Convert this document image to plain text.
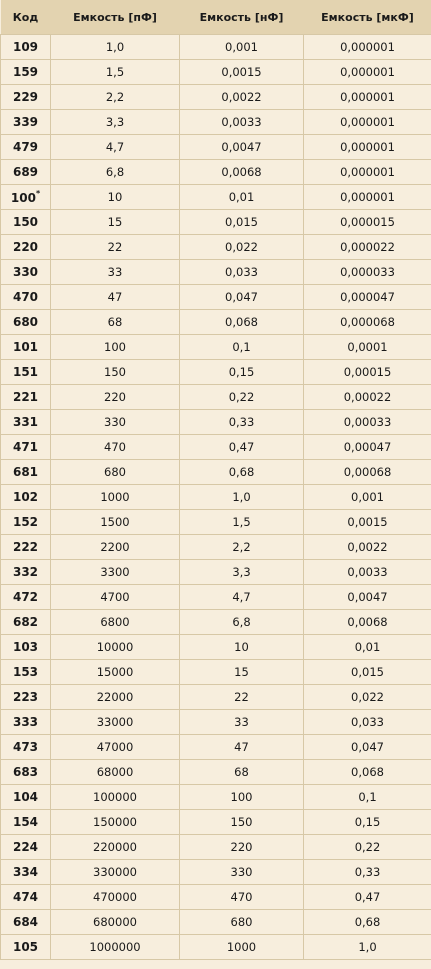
Код	Емкость [пФ]	Емкость [нФ]	Емкость [мкФ]
109	1,0	0,001	0,000001
159	1,5	0,0015	0,000001
229	2,2	0,0022	0,000001
339	3,3	0,0033	0,000001
479	4,7	0,0047	0,000001
689	6,8	0,0068	0,000001
100*	10	0,01	0,000001
150	15	0,015	0,000015
220	22	0,022	0,000022
330	33	0,033	0,000033
470	47	0,047	0,000047
680	68	0,068	0,000068
101	100	0,1	0,0001
151	150	0,15	0,00015
221	220	0,22	0,00022
331	330	0,33	0,00033
471	470	0,47	0,00047
681	680	0,68	0,00068
102	1000	1,0	0,001
152	1500	1,5	0,0015
222	2200	2,2	0,0022
332	3300	3,3	0,0033
472	4700	4,7	0,0047
682	6800	6,8	0,0068
103	10000	10	0,01
153	15000	15	0,015
223	22000	22	0,022
333	33000	33	0,033
473	47000	47	0,047
683	68000	68	0,068
104	100000	100	0,1
154	150000	150	0,15
224	220000	220	0,22
334	330000	330	0,33
474	470000	470	0,47
684	680000	680	0,68
105	1000000	1000	1,0
